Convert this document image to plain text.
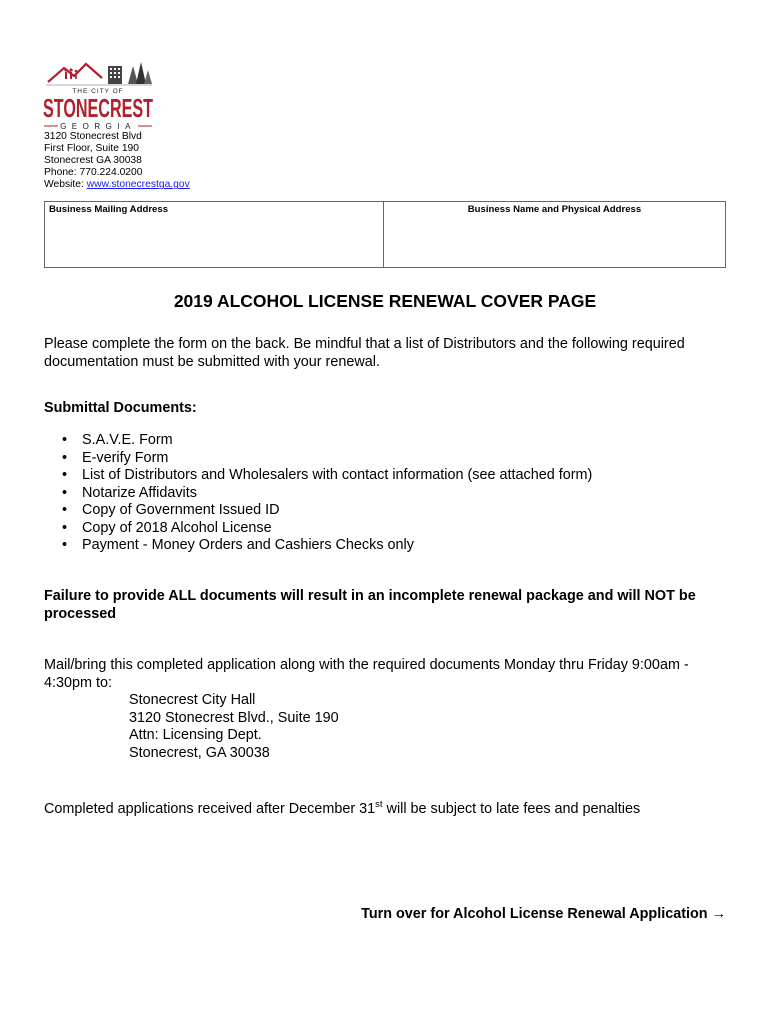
THE CITY OF
STONECREST
GEORGIA
3120 Stonecrest Blvd
First Floor, Suite 190
Stonecrest GA 30038
Phone: 770.224.0200
Website: www.stonecrestga.gov
Business Mailing Address	Business Name and Physical Address
2019 ALCOHOL LICENSE RENEWAL COVER PAGE
Please complete the form on the back. Be mindful that a list of Distributors and the following required documentation must be submitted with your renewal.
Submittal Documents:
• S.A.V.E. Form
• E-verify Form
• List of Distributors and Wholesalers with contact information (see attached form)
• Notarize Affidavits
• Copy of Government Issued ID
• Copy of 2018 Alcohol License
• Payment - Money Orders and Cashiers Checks only
Failure to provide ALL documents will result in an incomplete renewal package and will NOT be processed
Mail/bring this completed application along with the required documents Monday thru Friday 9:00am - 4:30pm to:
Stonecrest City Hall
3120 Stonecrest Blvd., Suite 190
Attn: Licensing Dept.
Stonecrest, GA 30038
Completed applications received after December 31st will be subject to late fees and penalties
Turn over for Alcohol License Renewal Application →
